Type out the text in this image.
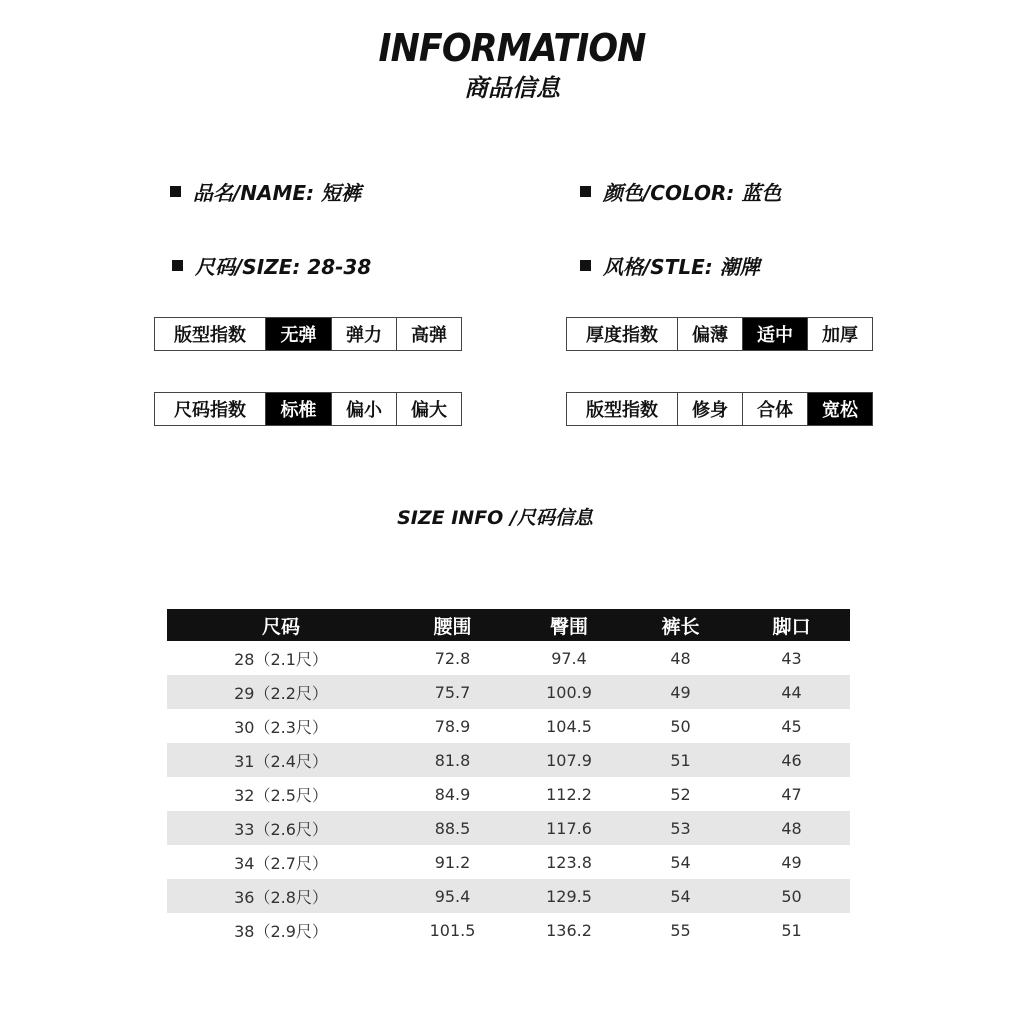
INFORMATION
商品信息
品名/NAME: 短裤	颜色/COLOR: 蓝色
尺码/SIZE: 28-38	风格/STLE: 潮牌
版型指数	无弹	弹力	高弹	厚度指数	偏薄	适中	加厚
尺码指数	标椎	偏小	偏大	版型指数	修身	合体	宽松
SIZE INFO /尺码信息
尺码	腰围	臀围	裤长	脚口
28（2.1尺）	72.8	97.4	48	43
29（2.2尺）	75.7	100.9	49	44
30（2.3尺）	78.9	104.5	50	45
31（2.4尺）	81.8	107.9	51	46
32（2.5尺）	84.9	112.2	52	47
33（2.6尺）	88.5	117.6	53	48
34（2.7尺）	91.2	123.8	54	49
36（2.8尺）	95.4	129.5	54	50
38（2.9尺）	101.5	136.2	55	51
